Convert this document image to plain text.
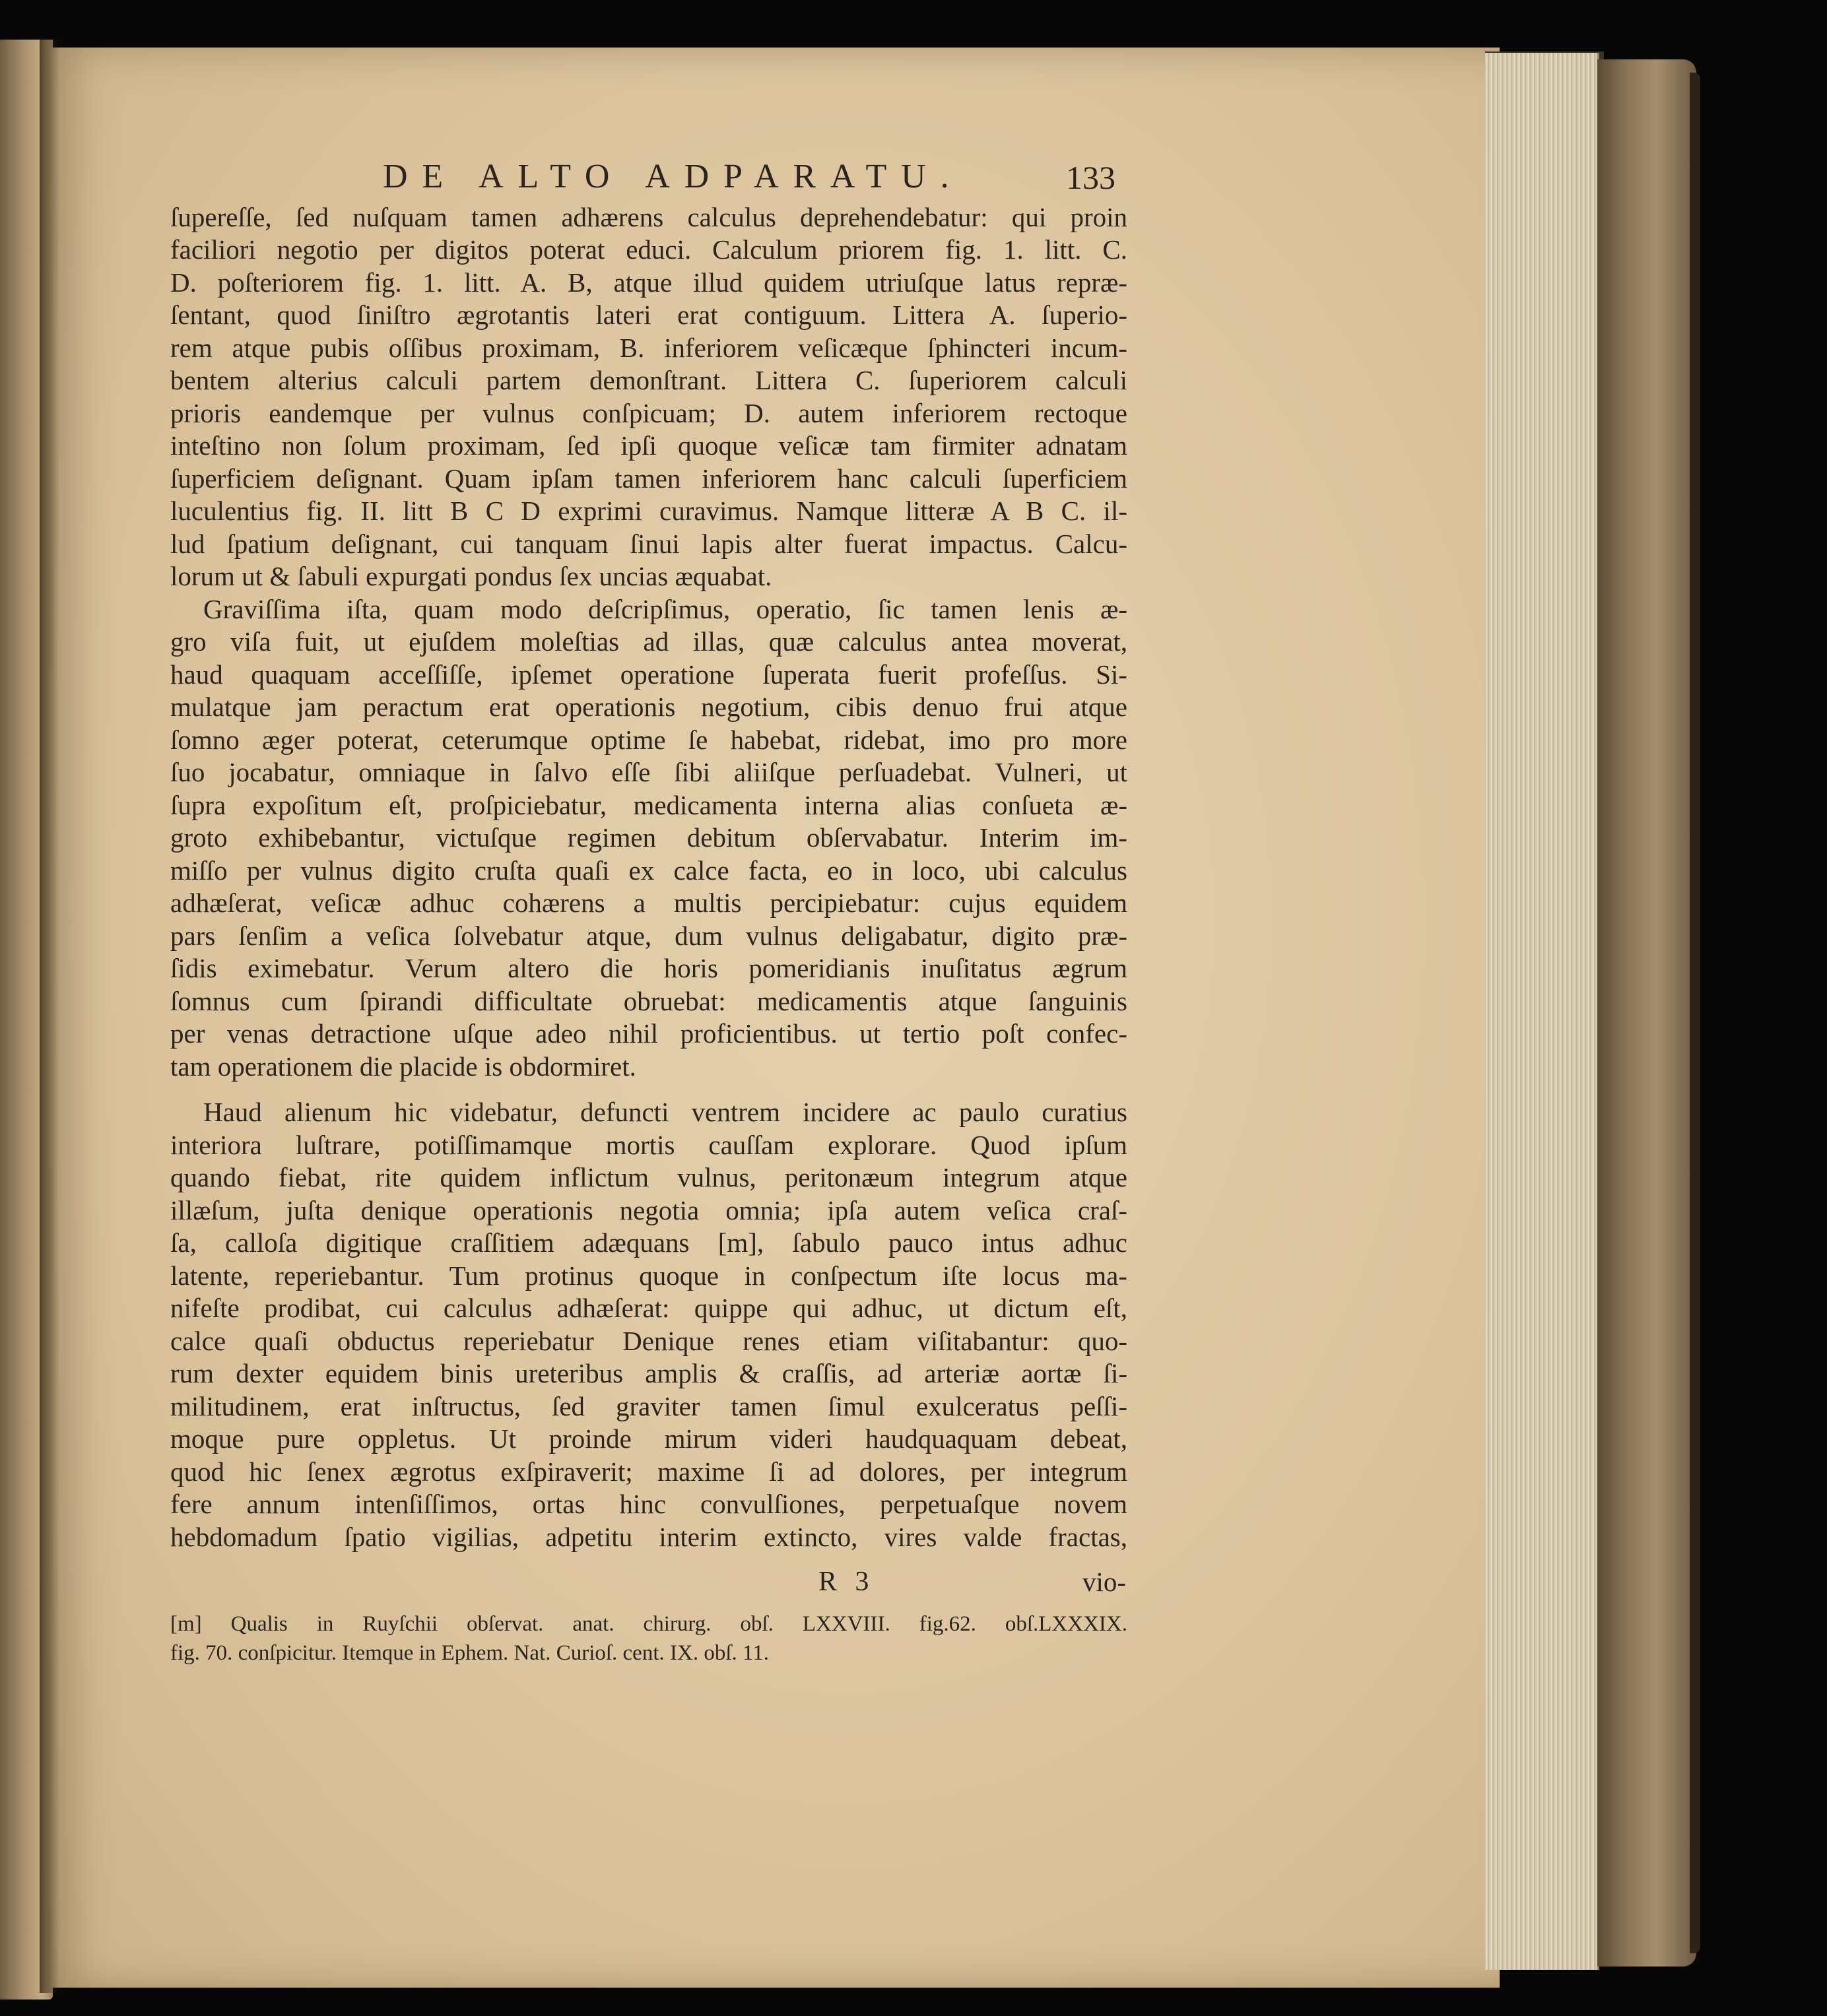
DE ALTO ADPARATU.	133
ſupereſſe, ſed nuſquam tamen adhærens calculus deprehendebatur: qui proin
faciliori negotio per digitos poterat educi. Calculum priorem fig. 1. litt. C.
D. poſteriorem fig. 1. litt. A. B, atque illud quidem utriuſque latus repræ-
ſentant, quod ſiniſtro ægrotantis lateri erat contiguum. Littera A. ſuperio-
rem atque pubis oſſibus proximam, B. inferiorem veſicæque ſphincteri incum-
bentem alterius calculi partem demonſtrant. Littera C. ſuperiorem calculi
prioris eandemque per vulnus conſpicuam; D. autem inferiorem rectoque
inteſtino non ſolum proximam, ſed ipſi quoque veſicæ tam firmiter adnatam
ſuperficiem deſignant. Quam ipſam tamen inferiorem hanc calculi ſuperficiem
luculentius fig. II. litt B C D exprimi curavimus. Namque litteræ A B C. il-
lud ſpatium deſignant, cui tanquam ſinui lapis alter fuerat impactus. Calcu-
lorum ut & ſabuli expurgati pondus ſex uncias æquabat.
Graviſſima iſta, quam modo deſcripſimus, operatio, ſic tamen lenis æ-
gro viſa fuit, ut ejuſdem moleſtias ad illas, quæ calculus antea moverat,
haud quaquam acceſſiſſe, ipſemet operatione ſuperata fuerit profeſſus. Si-
mulatque jam peractum erat operationis negotium, cibis denuo frui atque
ſomno æger poterat, ceterumque optime ſe habebat, ridebat, imo pro more
ſuo jocabatur, omniaque in ſalvo eſſe ſibi aliiſque perſuadebat. Vulneri, ut
ſupra expoſitum eſt, proſpiciebatur, medicamenta interna alias conſueta æ-
groto exhibebantur, victuſque regimen debitum obſervabatur. Interim im-
miſſo per vulnus digito cruſta quaſi ex calce facta, eo in loco, ubi calculus
adhæſerat, veſicæ adhuc cohærens a multis percipiebatur: cujus equidem
pars ſenſim a veſica ſolvebatur atque, dum vulnus deligabatur, digito præ-
ſidis eximebatur. Verum altero die horis pomeridianis inuſitatus ægrum
ſomnus cum ſpirandi difficultate obruebat: medicamentis atque ſanguinis
per venas detractione uſque adeo nihil proficientibus. ut tertio poſt confec-
tam operationem die placide is obdormiret.
Haud alienum hic videbatur, defuncti ventrem incidere ac paulo curatius
interiora luſtrare, potiſſimamque mortis cauſſam explorare. Quod ipſum
quando fiebat, rite quidem inflictum vulnus, peritonæum integrum atque
illæſum, juſta denique operationis negotia omnia; ipſa autem veſica craſ-
ſa, calloſa digitique craſſitiem adæquans [m], ſabulo pauco intus adhuc
latente, reperiebantur. Tum protinus quoque in conſpectum iſte locus ma-
nifeſte prodibat, cui calculus adhæſerat: quippe qui adhuc, ut dictum eſt,
calce quaſi obductus reperiebatur Denique renes etiam viſitabantur: quo-
rum dexter equidem binis ureteribus amplis & craſſis, ad arteriæ aortæ ſi-
militudinem, erat inſtructus, ſed graviter tamen ſimul exulceratus peſſi-
moque pure oppletus. Ut proinde mirum videri haudquaquam debeat,
quod hic ſenex ægrotus exſpiraverit; maxime ſi ad dolores, per integrum
fere annum intenſiſſimos, ortas hinc convulſiones, perpetuaſque novem
hebdomadum ſpatio vigilias, adpetitu interim extincto, vires valde fractas,
R 3	vio-
[m] Qualis in Ruyſchii obſervat. anat. chirurg. obſ. LXXVIII. fig.62. obſ.LXXXIX.
fig. 70. conſpicitur. Itemque in Ephem. Nat. Curioſ. cent. IX. obſ. 11.
